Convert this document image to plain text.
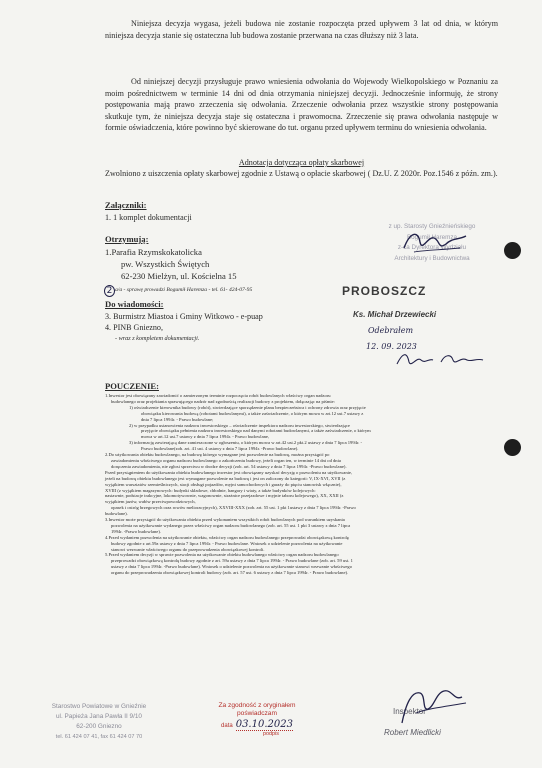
Niniejsza decyzja wygasa, jeżeli budowa nie zostanie rozpoczęta przed upływem 3 lat od dnia, w którym niniejsza decyzja stanie się ostateczna lub budowa zostanie przerwana na czas dłuższy niż 3 lata.
Od niniejszej decyzji przysługuje prawo wniesienia odwołania do Wojewody Wielkopolskiego w Poznaniu za moim pośrednictwem w terminie 14 dni od dnia otrzymania niniejszej decyzji. Jednocześnie informuję, że strony postępowania mają prawo zrzeczenia się odwołania. Zrzeczenie odwołania przez wszystkie strony postępowania skutkuje tym, że niniejsza decyzja staje się ostateczna i prawomocna. Zrzeczenie się prawa odwołania następuje w formie oświadczenia, które powinno być skierowane do tut. organu przed upływem terminu do wniesienia odwołania.
Adnotacja dotycząca opłaty skarbowej
Zwolniono z uiszczenia opłaty skarbowej zgodnie z Ustawą o opłacie skarbowej ( Dz.U. Z 2020r. Poz.1546 z późn. zm.).
Załączniki:
1. 1 komplet dokumentacji
Otrzymują:
1.Parafia Rzymskokatolicka
pw. Wszystkich Świętych
62-230 Mielżyn, ul. Kościelna 15
2 a/a - sprawę prowadzi Bogumił Haremza - tel. 61- 424-07-95
Do wiadomości:
3. Burmistrz Miastoa i Gminy Witkowo - e-puap
4. PINB Gniezno,
- wraz z kompletem dokumentacji.
z up. Starosty Gnieźnieńskiego
Bogumił Haremza
z-ca Dyrektora Wydziału
Architektury i Budownictwa
PROBOSZCZ
Ks. Michał Drzewiecki
Odebrałem
12. 09. 2023
POUCZENIE:
1.Inwestor jest obowiązany zawiadomić o zamierzonym terminie rozpoczęcia robót budowlanych właściwy organ nadzoru
budowlanego oraz projektanta sprawującego nadzór nad zgodnością realizacji budowy z projektem, dołączając na piśmie:
1) oświadczenie kierownika budowy (robót), stwierdzające sporządzenie planu bezpieczeństwa i ochrony zdrowia oraz przyjęcie
obowiązku kierowania budową (robotami budowlanymi), a także zaświadczenie, o którym mowa w art.12 ust.7 ustawy z
dnia 7 lipca 1994r. - Prawo budowlane;
2) w przypadku ustanowienia nadzoru inwestorskiego – oświadczenie inspektora nadzoru inwestorskiego, stwierdzające
przyjęcie obowiązku pełnienia nadzoru inwestorskiego nad danymi robotami budowlanymi, a także zaświadczenie, o którym
mowa w art.12 ust.7 ustawy z dnia 7 lipca 1994r. - Prawo budowlane,
3) informację zawierającą dane zamieszczone w ogłoszeniu, o którym mowa w art.42 ust.2 pkt.2 ustawy z dnia 7 lipca 1994r. -
Prawo budowlane(zob. art. 41 ust. 4 ustawy z dnia 7 lipca 1994r. -Prawo budowlane).
2.Do użytkowania obiektu budowlanego, na budowę którego wymagane jest pozwolenie na budowę, można przystąpić po
zawiadomieniu właściwego organu nadzoru budowlanego o zakończeniu budowy, jeżeli organ ten, w terminie 14 dni od dnia
doręczenia zawiadomienia, nie zgłosi sprzeciwu w drodze decyzji (zob. art. 54 ustawy z dnia 7 lipca 1994r. -Prawo budowlane).
Przed przystąpieniem do użytkowania obiektu budowlanego inwestor jest obowiązany uzyskać decyzję o pozwoleniu na użytkowanie,
jeżeli na budowę obiektu budowlanego jest wymagane pozwolenie na budowę i jest on zaliczony do kategorii: V, IX-XVI, XVII (z
wyjątkiem warsztatów rzemieślniczych, stacji obsługi pojazdów, myjni samochodowych i garaży do pięciu stanowisk włącznie),
XVIII (z wyjątkiem magazynowych: budynki składowe, chłodnie, hangary i wiaty, a także budynków kolejowych:
nastawnie, podstacje trakcyjne, lokomotywownie, wagonownie, strażnice przejazdowe i myjnie taboru kolejowego), XX, XXII (z
wyjątkiem jazów, wałów przeciwpowodziowych,
opasek i ostróg brzegowych oraz rowów melioracyjnych), XXVIII-XXX (zob. art. 55 ust. 1 pkt 1ustawy z dnia 7 lipca 1994r. -Prawo
budowlane).
3.Inwestor może przystąpić do użytkowania obiektu przed wykonaniem wszystkich robót budowlanych pod warunkiem uzyskania
pozwolenia na użytkowanie wydanego przez właściwy organ nadzoru budowlanego (zob. art. 55 ust. 1 pkt 3 ustawy z dnia 7 lipca
1994r. -Prawo budowlane).
4.Przed wydaniem pozwolenia na użytkowanie obiektu, właściwy organ nadzoru budowlanego przeprowadzi obowiązkową kontrolę
budowy zgodnie z art.59a ustawy z dnia 7 lipca 1994r. - Prawo budowlane. Wniosek o udzielenie pozwolenia na użytkowanie
stanowi wezwanie właściwego organu do przeprowadzenia obowiązkowej kontroli.
5.Przed wydaniem decyzji w sprawie pozwolenia na użytkowanie obiektu budowlanego właściwy organ nadzoru budowlanego
przeprowadzi obowiązkową kontrolę budowy zgodnie z art. 59a ustawy z dnia 7 lipca 1994r. - Prawo budowlane (zob. art. 59 ust. 1
ustawy z dnia 7 lipca 1994r. -Prawo budowlane). Wniosek o udzielenie pozwolenia na użytkowanie stanowi wezwanie właściwego
organu do przeprowadzenia obowiązkowej kontroli budowy (zob. art. 57 ust. 6 ustawy z dnia 7 lipca 1994r. - Prawo budowlane).
Starostwo Powiatowe w Gnieźnie
ul. Papieża Jana Pawła II 9/10
62-200 Gniezno
tel. 61 424 07 41, fax 61 424 07 70
Za zgodność z oryginałem
poświadczam
data 03.10.2023
podpis
Inspektor
Robert Miedlicki
